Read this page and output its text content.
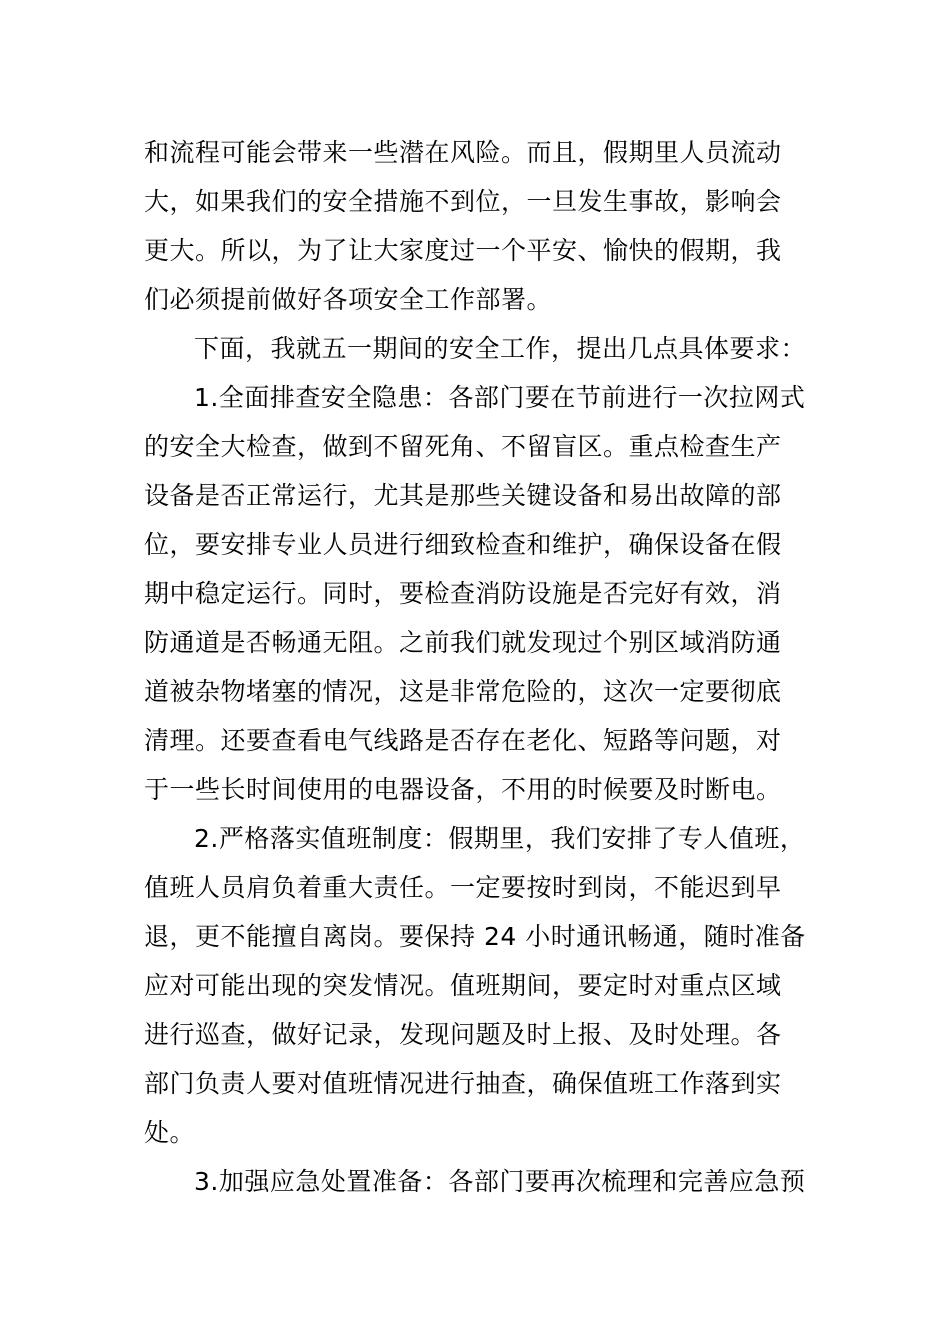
和流程可能会带来一些潜在风险。而且，假期里人员流动
大，如果我们的安全措施不到位，一旦发生事故，影响会
更大。所以，为了让大家度过一个平安、愉快的假期，我
们必须提前做好各项安全工作部署。
下面，我就五一期间的安全工作，提出几点具体要求：
1.全面排查安全隐患：各部门要在节前进行一次拉网式
的安全大检查，做到不留死角、不留盲区。重点检查生产
设备是否正常运行，尤其是那些关键设备和易出故障的部
位，要安排专业人员进行细致检查和维护，确保设备在假
期中稳定运行。同时，要检查消防设施是否完好有效，消
防通道是否畅通无阻。之前我们就发现过个别区域消防通
道被杂物堵塞的情况，这是非常危险的，这次一定要彻底
清理。还要查看电气线路是否存在老化、短路等问题，对
于一些长时间使用的电器设备，不用的时候要及时断电。
2.严格落实值班制度：假期里，我们安排了专人值班，
值班人员肩负着重大责任。一定要按时到岗，不能迟到早
退，更不能擅自离岗。要保持 24 小时通讯畅通，随时准备
应对可能出现的突发情况。值班期间，要定时对重点区域
进行巡查，做好记录，发现问题及时上报、及时处理。各
部门负责人要对值班情况进行抽查，确保值班工作落到实
处。
3.加强应急处置准备：各部门要再次梳理和完善应急预
